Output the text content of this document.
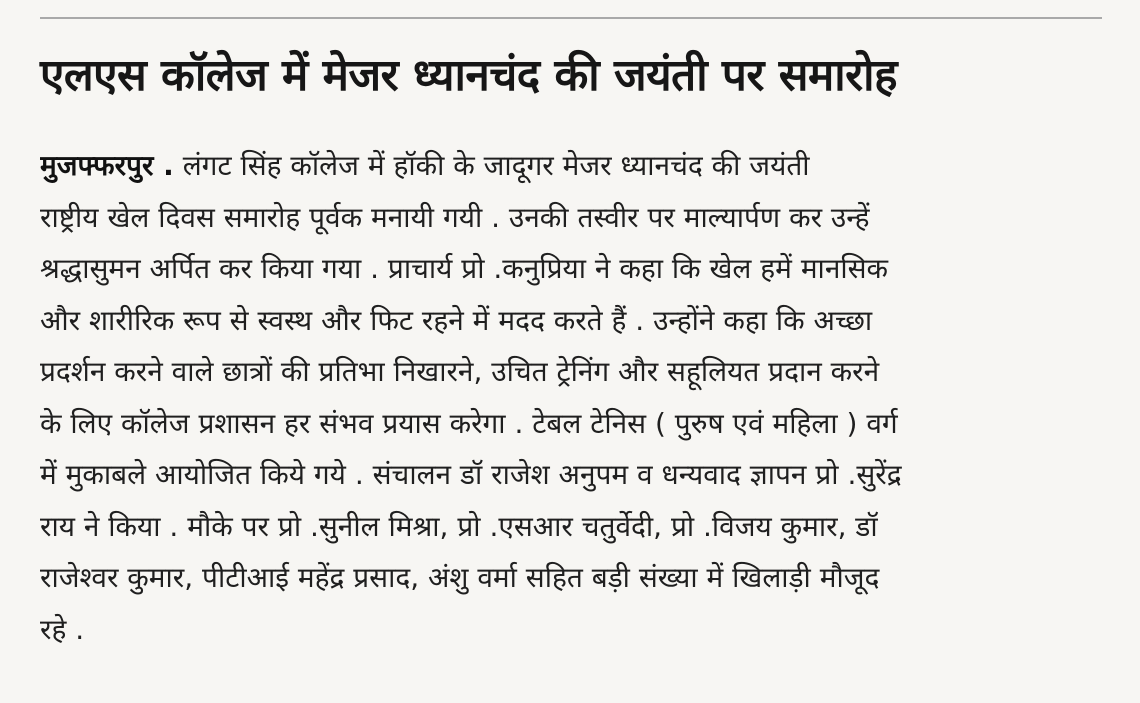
एलएस कॉलेज में मेजर ध्यानचंद की जयंती पर समारोह

मुजफ्फरपुर . लंगट सिंह कॉलेज में हॉकी के जादूगर मेजर ध्यानचंद की जयंती
राष्ट्रीय खेल दिवस समारोह पूर्वक मनायी गयी . उनकी तस्वीर पर माल्यार्पण कर उन्हें
श्रद्धासुमन अर्पित कर किया गया . प्राचार्य प्रो .कनुप्रिया ने कहा कि खेल हमें मानसिक
और शारीरिक रूप से स्वस्थ और फिट रहने में मदद करते हैं . उन्होंने कहा कि अच्छा
प्रदर्शन करने वाले छात्रों की प्रतिभा निखारने, उचित ट्रेनिंग और सहूलियत प्रदान करने
के लिए कॉलेज प्रशासन हर संभव प्रयास करेगा . टेबल टेनिस ( पुरुष एवं महिला ) वर्ग
में मुकाबले आयोजित किये गये . संचालन डॉ राजेश अनुपम व धन्यवाद ज्ञापन प्रो .सुरेंद्र
राय ने किया . मौके पर प्रो .सुनील मिश्रा, प्रो .एसआर चतुर्वेदी, प्रो .विजय कुमार, डॉ
राजेश्वर कुमार, पीटीआई महेंद्र प्रसाद, अंशु वर्मा सहित बड़ी संख्या में खिलाड़ी मौजूद
रहे .
